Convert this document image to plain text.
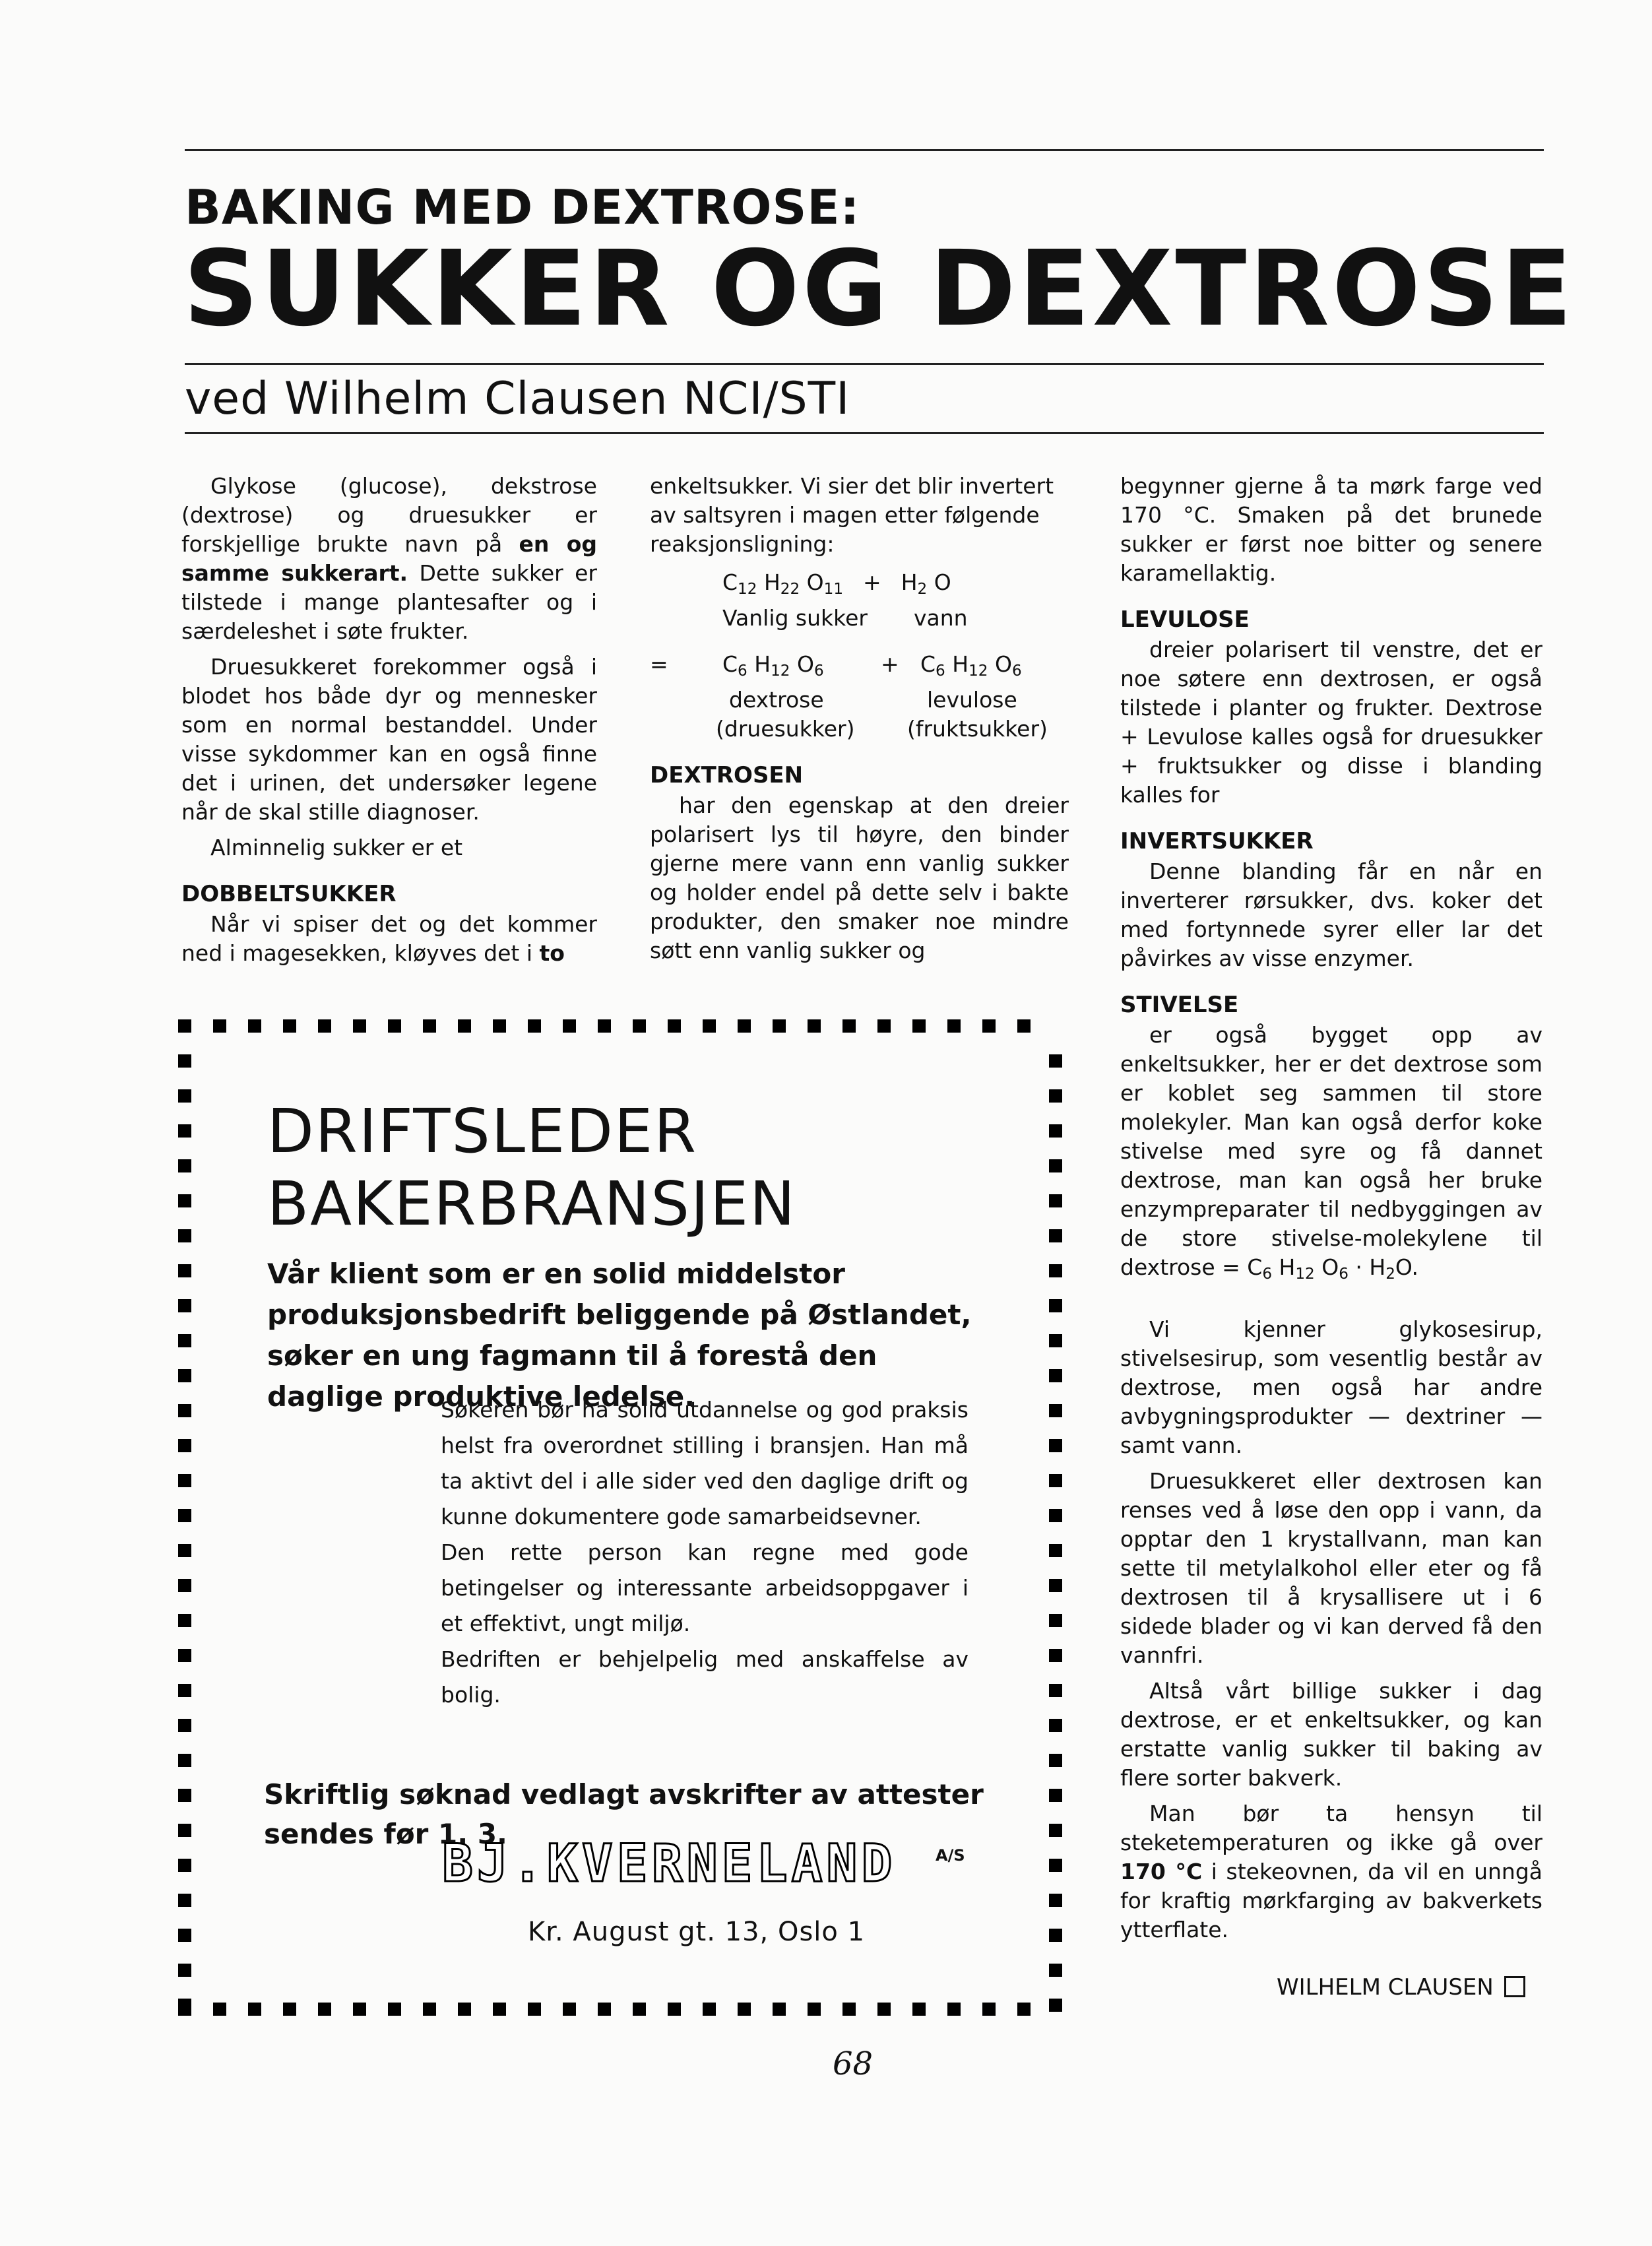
BAKING MED DEXTROSE:
SUKKER OG DEXTROSE
ved Wilhelm Clausen NCI/STI

Glykose (glucose), dekstrose (dextrose) og druesukker er forskjellige brukte navn på en og samme sukkerart. Dette sukker er tilstede i mange plantesafter og i særdeleshet i søte frukter.

Druesukkeret forekommer også i blodet hos både dyr og mennesker som en normal bestanddel. Under visse sykdommer kan en også finne det i urinen, det undersøker legene når de skal stille diagnoser.

Alminnelig sukker er et

DOBBELTSUKKER

Når vi spiser det og det kommer ned i magesekken, kløyves det i to

enkeltsukker. Vi sier det blir invertert av saltsyren i magen etter følgende reaksjonsligning:

$C_{12}$ $H_{22}$ $O_{11} + H_2$ O
Vanlig sukker	vann
=	$C_6$ $H_{12}$ $O_6$	+ $C_6$ $H_{12}$ $O_6$
dextrose	levulose
(druesukker)	(fruktsukker)
DEXTROSEN

har den egenskap at den dreier polarisert lys til høyre, den binder gjerne mere vann enn vanlig sukker og holder endel på dette selv i bakte produkter, den smaker noe mindre søtt enn vanlig sukker og

begynner gjerne å ta mørk farge ved 170 °C. Smaken på det brunede sukker er først noe bitter og senere karamellaktig.

LEVULOSE

dreier polarisert til venstre, det er noe søtere enn dextrosen, er også tilstede i planter og frukter. Dextrose + Levulose kalles også for druesukker + fruktsukker og disse i blanding kalles for

INVERTSUKKER

Denne blanding får en når en inverterer rørsukker, dvs. koker det med fortynnede syrer eller lar det påvirkes av visse enzymer.

STIVELSE

er også bygget opp av enkeltsukker, her er det dextrose som er koblet seg sammen til store molekyler. Man kan også derfor koke stivelse med syre og få dannet dextrose, man kan også her bruke enzympreparater til nedbyggingen av de store stivelse-molekylene til dextrose = $C_6$ $H_{12}$ $O_6 \cdot H_2O$.

Vi kjenner glykosesirup, stivelsesirup, som vesentlig består av dextrose, men også har andre avbygningsprodukter — dextriner — samt vann.

Druesukkeret eller dextrosen kan renses ved å løse den opp i vann, da opptar den 1 krystallvann, man kan sette til metylalkohol eller eter og få dextrosen til å krysallisere ut i 6 sidede blader og vi kan derved få den vannfri.

Altså vårt billige sukker i dag dextrose, er et enkeltsukker, og kan erstatte vanlig sukker til baking av flere sorter bakverk.

Man bør ta hensyn til steketemperaturen og ikke gå over 170 °C i stekeovnen, da vil en unngå for kraftig mørkfarging av bakverkets ytterflate.

WILHELM CLAUSEN
DRIFTSLEDER
BAKERBRANSJEN
Vår klient som er en solid middelstor produksjonsbedrift beliggende på Østlandet, søker en ung fagmann til å forestå den daglige produktive ledelse.

Søkeren bør ha solid utdannelse og god praksis helst fra overordnet stilling i bransjen. Han må ta aktivt del i alle sider ved den daglige drift og kunne dokumentere gode samarbeidsevner.

Den rette person kan regne med gode betingelser og interessante arbeidsoppgaver i et effektivt, ungt miljø.

Bedriften er behjelpelig med anskaffelse av bolig.

Skriftlig søknad vedlagt avskrifter av attester sendes før 1. 3.
BJ.KVERNELAND A/S
Kr. August gt. 13, Oslo 1
68
